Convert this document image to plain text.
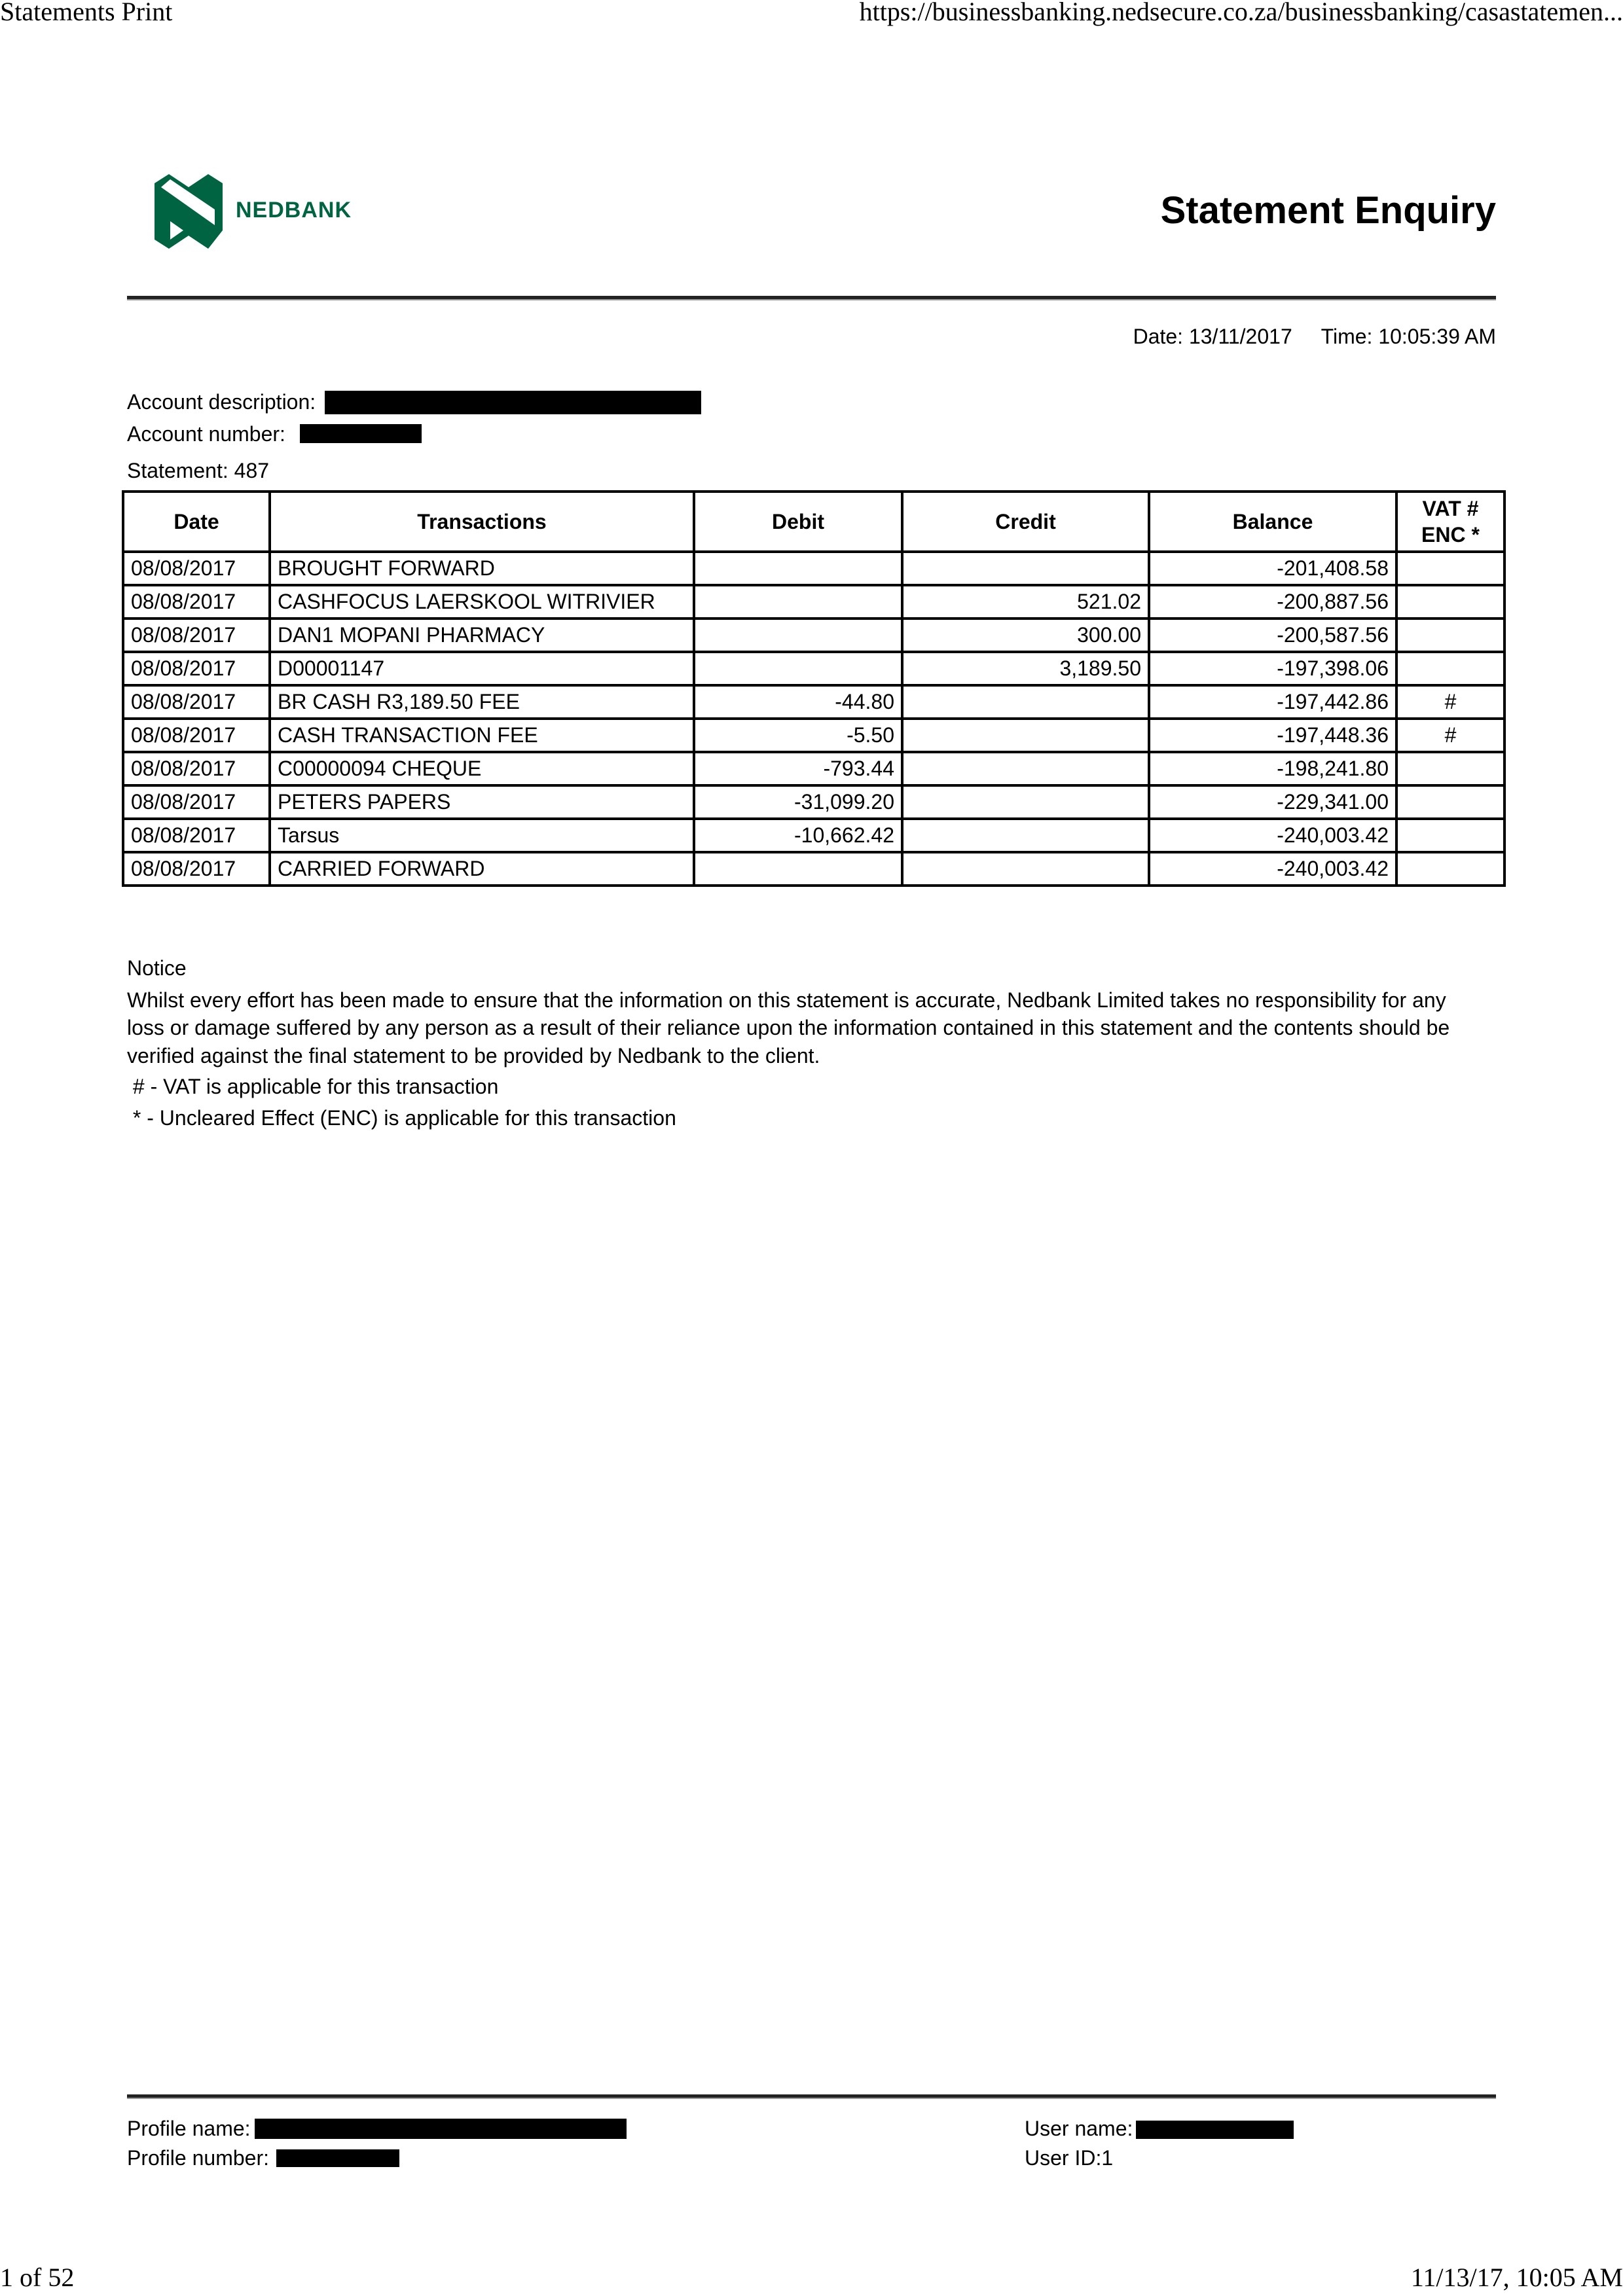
Statements Print	https://businessbanking.nedsecure.co.za/businessbanking/casastatemen...
NEDBANK	Statement Enquiry
Date: 13/11/2017 Time: 10:05:39 AM
Account description:
Account number:
Statement: 487
Date	Transactions	Debit	Credit	Balance	VAT #
ENC *
08/08/2017	BROUGHT FORWARD			-201,408.58	
08/08/2017	CASHFOCUS LAERSKOOL WITRIVIER		521.02	-200,887.56	
08/08/2017	DAN1 MOPANI PHARMACY		300.00	-200,587.56	
08/08/2017	D00001147		3,189.50	-197,398.06	
08/08/2017	BR CASH R3,189.50 FEE	-44.80		-197,442.86	#
08/08/2017	CASH TRANSACTION FEE	-5.50		-197,448.36	#
08/08/2017	C00000094 CHEQUE	-793.44		-198,241.80	
08/08/2017	PETERS PAPERS	-31,099.20		-229,341.00	
08/08/2017	Tarsus	-10,662.42		-240,003.42	
08/08/2017	CARRIED FORWARD			-240,003.42	
Notice
Whilst every effort has been made to ensure that the information on this statement is accurate, Nedbank Limited takes no responsibility for any loss or damage suffered by any person as a result of their reliance upon the information contained in this statement and the contents should be verified against the final statement to be provided by Nedbank to the client.
# - VAT is applicable for this transaction
* - Uncleared Effect (ENC) is applicable for this transaction
Profile name:
Profile number:
User name:
User ID:1
1 of 52	11/13/17, 10:05 AM
